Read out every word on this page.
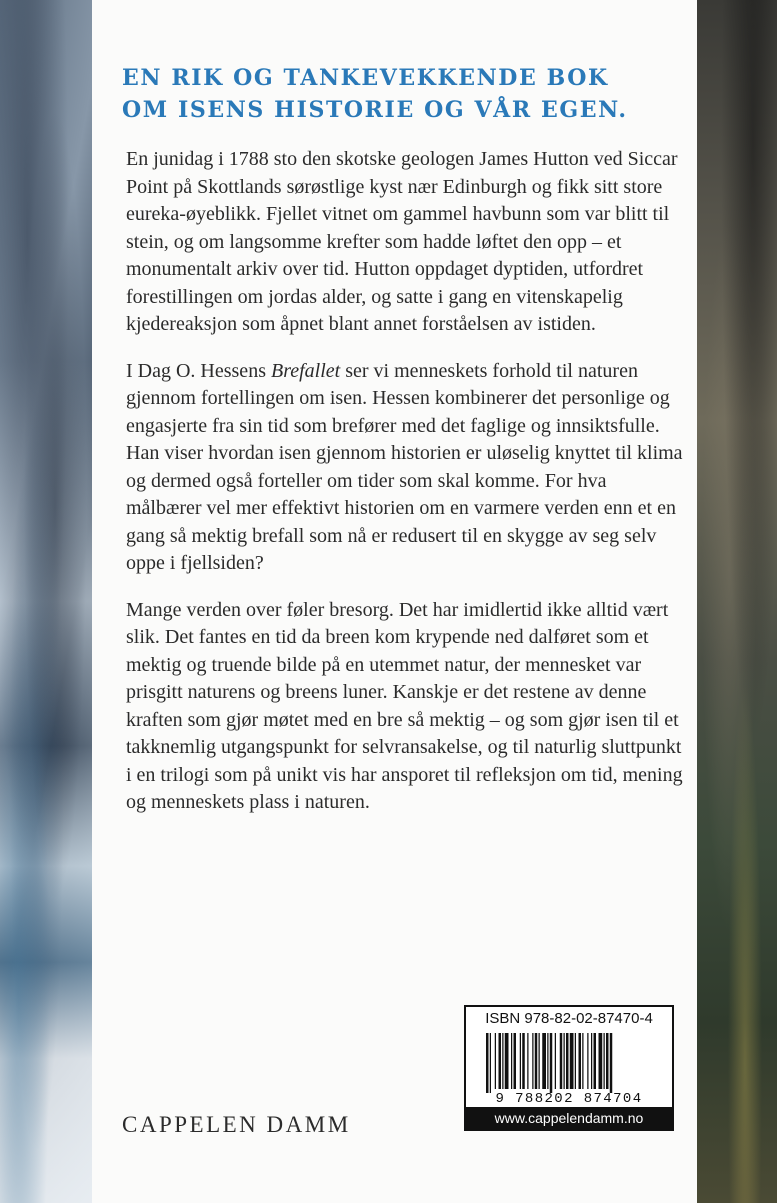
EN RIK OG TANKEVEKKENDE BOK
OM ISENS HISTORIE OG VÅR EGEN.

En junidag i 1788 sto den skotske geologen James Hutton ved Siccar Point på Skottlands sørøstlige kyst nær Edinburgh og fikk sitt store eureka-øyeblikk. Fjellet vitnet om gammel havbunn som var blitt til stein, og om langsomme krefter som hadde løftet den opp – et monumentalt arkiv over tid. Hutton oppdaget dyptiden, utfordret forestillingen om jordas alder, og satte i gang en vitenskapelig kjedereaksjon som åpnet blant annet forståelsen av istiden.

I Dag O. Hessens Brefallet ser vi menneskets forhold til naturen gjennom fortellingen om isen. Hessen kombinerer det personlige og engasjerte fra sin tid som brefører med det faglige og innsiktsfulle. Han viser hvordan isen gjennom historien er uløselig knyttet til klima og dermed også forteller om tider som skal komme. For hva målbærer vel mer effektivt historien om en varmere verden enn et en gang så mektig brefall som nå er redusert til en skygge av seg selv oppe i fjellsiden?

Mange verden over føler bresorg. Det har imidlertid ikke alltid vært slik. Det fantes en tid da breen kom krypende ned dalføret som et mektig og truende bilde på en utemmet natur, der mennesket var prisgitt naturens og breens luner. Kanskje er det restene av denne kraften som gjør møtet med en bre så mektig – og som gjør isen til et takknemlig utgangspunkt for selvransakelse, og til naturlig sluttpunkt i en trilogi som på unikt vis har ansporet til refleksjon om tid, mening og menneskets plass i naturen.

CAPPELEN DAMM
ISBN 978-82-02-87470-4
9 788202 874704
www.cappelendamm.no
